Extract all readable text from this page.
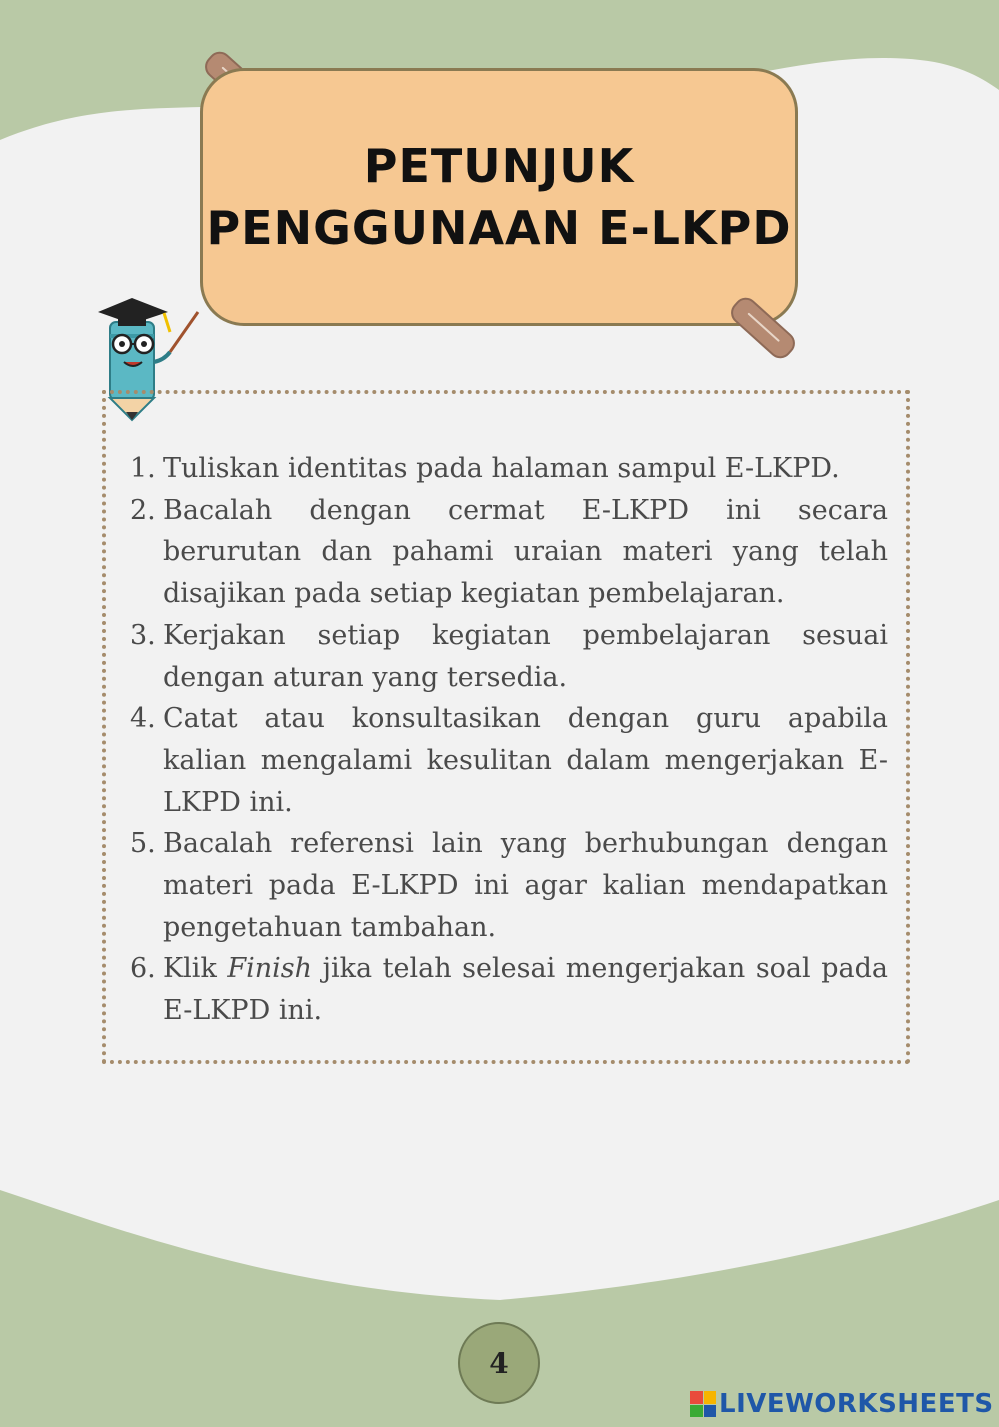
PETUNJUK
PENGGUNAAN E-LKPD
1. Tuliskan identitas pada halaman sampul E-LKPD.
2. Bacalah dengan cermat E-LKPD ini secara berurutan dan pahami uraian materi yang telah disajikan pada setiap kegiatan pembelajaran.
3. Kerjakan setiap kegiatan pembelajaran sesuai dengan aturan yang tersedia.
4. Catat atau konsultasikan dengan guru apabila kalian mengalami kesulitan dalam mengerjakan E-LKPD ini.
5. Bacalah referensi lain yang berhubungan dengan materi pada E-LKPD ini agar kalian mendapatkan pengetahuan tambahan.
6. Klik Finish jika telah selesai mengerjakan soal pada E-LKPD ini.
4
LIVEWORKSHEETS
